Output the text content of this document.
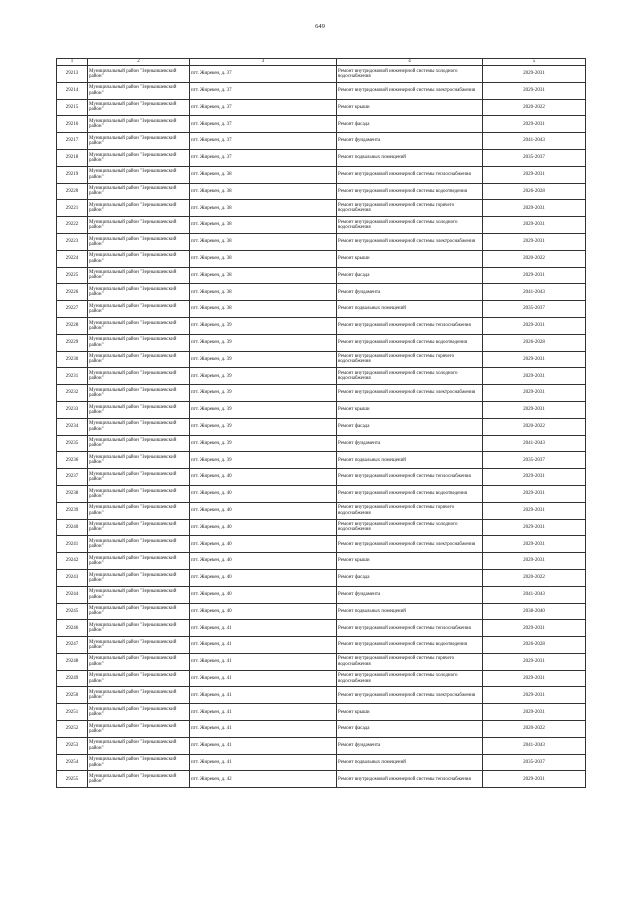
649
1	2	3	4	5
29213	Муниципальный район "Зерныишевский район"	пгт. Жирекен, д. 37	Ремонт внутридомовой инженерной системы холодного водоснабжения	2029-2031
29214	Муниципальный район "Зерныишевский район"	пгт. Жирекен, д. 37	Ремонт внутридомовой инженерной системы электроснабжения	2029-2031
29215	Муниципальный район "Зерныишевский район"	пгт. Жирекен, д. 37	Ремонт крыши	2020-2022
29216	Муниципальный район "Зерныишевский район"	пгт. Жирекен, д. 37	Ремонт фасада	2029-2031
29217	Муниципальный район "Зерныишевский район"	пгт. Жирекен, д. 37	Ремонт фундамента	2041-2043
29218	Муниципальный район "Зерныишевский район"	пгт. Жирекен, д. 37	Ремонт подвальных помещений	2035-2037
29219	Муниципальный район "Зерныишевский район"	пгт. Жирекен, д. 38	Ремонт внутридомовой инженерной системы теплоснабжения	2029-2031
29220	Муниципальный район "Зерныишевский район"	пгт. Жирекен, д. 38	Ремонт внутридомовой инженерной системы водоотведения	2026-2028
29221	Муниципальный район "Зерныишевский район"	пгт. Жирекен, д. 38	Ремонт внутридомовой инженерной системы горячего водоснабжения	2029-2031
29222	Муниципальный район "Зерныишевский район"	пгт. Жирекен, д. 38	Ремонт внутридомовой инженерной системы холодного водоснабжения	2029-2031
29223	Муниципальный район "Зерныишевский район"	пгт. Жирекен, д. 38	Ремонт внутридомовой инженерной системы электроснабжения	2029-2031
29224	Муниципальный район "Зерныишевский район"	пгт. Жирекен, д. 38	Ремонт крыши	2020-2022
29225	Муниципальный район "Зерныишевский район"	пгт. Жирекен, д. 38	Ремонт фасада	2029-2031
29226	Муниципальный район "Зерныишевский район"	пгт. Жирекен, д. 38	Ремонт фундамента	2041-2043
29227	Муниципальный район "Зерныишевский район"	пгт. Жирекен, д. 38	Ремонт подвальных помещений	2035-2037
29228	Муниципальный район "Зерныишевский район"	пгт. Жирекен, д. 39	Ремонт внутридомовой инженерной системы теплоснабжения	2029-2031
29229	Муниципальный район "Зерныишевский район"	пгт. Жирекен, д. 39	Ремонт внутридомовой инженерной системы водоотведения	2026-2028
29230	Муниципальный район "Зерныишевский район"	пгт. Жирекен, д. 39	Ремонт внутридомовой инженерной системы горячего водоснабжения	2029-2031
29231	Муниципальный район "Зерныишевский район"	пгт. Жирекен, д. 39	Ремонт внутридомовой инженерной системы холодного водоснабжения	2029-2031
29232	Муниципальный район "Зерныишевский район"	пгт. Жирекен, д. 39	Ремонт внутридомовой инженерной системы электроснабжения	2029-2031
29233	Муниципальный район "Зерныишевский район"	пгт. Жирекен, д. 39	Ремонт крыши	2029-2031
29234	Муниципальный район "Зерныишевский район"	пгт. Жирекен, д. 39	Ремонт фасада	2020-2022
29235	Муниципальный район "Зерныишевский район"	пгт. Жирекен, д. 39	Ремонт фундамента	2041-2043
29236	Муниципальный район "Зерныишевский район"	пгт. Жирекен, д. 39	Ремонт подвальных помещений	2035-2037
29237	Муниципальный район "Зерныишевский район"	пгт. Жирекен, д. 40	Ремонт внутридомовой инженерной системы теплоснабжения	2029-2031
29238	Муниципальный район "Зерныишевский район"	пгт. Жирекен, д. 40	Ремонт внутридомовой инженерной системы водоотведения	2029-2031
29239	Муниципальный район "Зерныишевский район"	пгт. Жирекен, д. 40	Ремонт внутридомовой инженерной системы горячего водоснабжения	2029-2031
29240	Муниципальный район "Зерныишевский район"	пгт. Жирекен, д. 40	Ремонт внутридомовой инженерной системы холодного водоснабжения	2029-2031
29241	Муниципальный район "Зерныишевский район"	пгт. Жирекен, д. 40	Ремонт внутридомовой инженерной системы электроснабжения	2029-2031
29242	Муниципальный район "Зерныишевский район"	пгт. Жирекен, д. 40	Ремонт крыши	2029-2031
29243	Муниципальный район "Зерныишевский район"	пгт. Жирекен, д. 40	Ремонт фасада	2020-2022
29244	Муниципальный район "Зерныишевский район"	пгт. Жирекен, д. 40	Ремонт фундамента	2041-2043
29245	Муниципальный район "Зерныишевский район"	пгт. Жирекен, д. 40	Ремонт подвальных помещений	2038-2040
29246	Муниципальный район "Зерныишевский район"	пгт. Жирекен, д. 41	Ремонт внутридомовой инженерной системы теплоснабжения	2029-2031
29247	Муниципальный район "Зерныишевский район"	пгт. Жирекен, д. 41	Ремонт внутридомовой инженерной системы водоотведения	2026-2028
29248	Муниципальный район "Зерныишевский район"	пгт. Жирекен, д. 41	Ремонт внутридомовой инженерной системы горячего водоснабжения	2029-2031
29249	Муниципальный район "Зерныишевский район"	пгт. Жирекен, д. 41	Ремонт внутридомовой инженерной системы холодного водоснабжения	2029-2031
29250	Муниципальный район "Зерныишевский район"	пгт. Жирекен, д. 41	Ремонт внутридомовой инженерной системы электроснабжения	2029-2031
29251	Муниципальный район "Зерныишевский район"	пгт. Жирекен, д. 41	Ремонт крыши	2029-2031
29252	Муниципальный район "Зерныишевский район"	пгт. Жирекен, д. 41	Ремонт фасада	2020-2022
29253	Муниципальный район "Зерныишевский район"	пгт. Жирекен, д. 41	Ремонт фундамента	2041-2043
29254	Муниципальный район "Зерныишевский район"	пгт. Жирекен, д. 41	Ремонт подвальных помещений	2035-2037
29255	Муниципальный район "Зерныишевский район"	пгт. Жирекен, д. 42	Ремонт внутридомовой инженерной системы теплоснабжения	2029-2031
